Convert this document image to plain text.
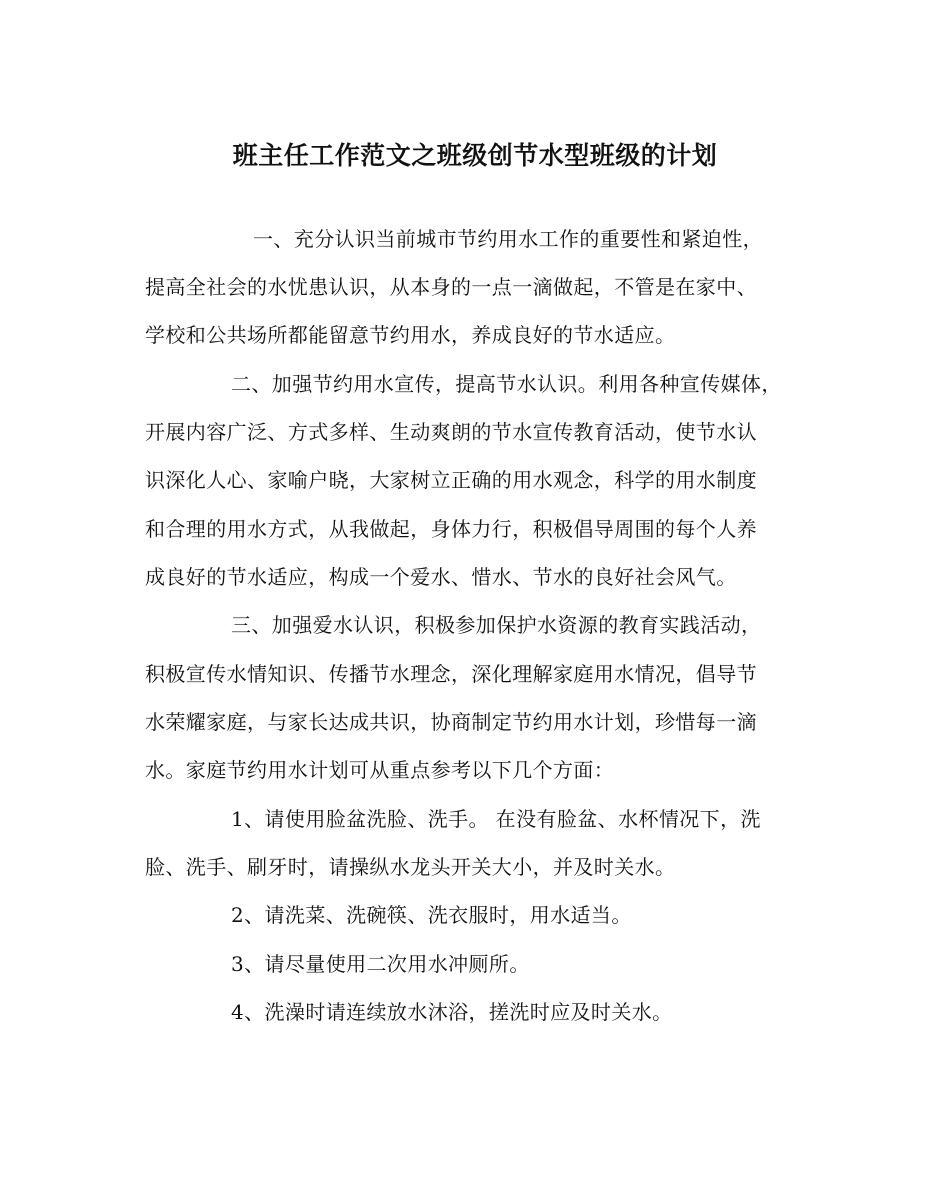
班主任工作范文之班级创节水型班级的计划
一、充分认识当前城市节约用水工作的重要性和紧迫性，
提高全社会的水忧患认识，从本身的一点一滴做起，不管是在家中、
学校和公共场所都能留意节约用水，养成良好的节水适应。
二、加强节约用水宣传，提高节水认识。利用各种宣传媒体，
开展内容广泛、方式多样、生动爽朗的节水宣传教育活动，使节水认
识深化人心、家喻户晓，大家树立正确的用水观念，科学的用水制度
和合理的用水方式，从我做起，身体力行，积极倡导周围的每个人养
成良好的节水适应，构成一个爱水、惜水、节水的良好社会风气。
三、加强爱水认识，积极参加保护水资源的教育实践活动，
积极宣传水情知识、传播节水理念，深化理解家庭用水情况，倡导节
水荣耀家庭，与家长达成共识，协商制定节约用水计划，珍惜每一滴
水。家庭节约用水计划可从重点参考以下几个方面：
1、请使用脸盆洗脸、洗手。 在没有脸盆、水杯情况下，洗
脸、洗手、刷牙时，请操纵水龙头开关大小，并及时关水。
2、请洗菜、洗碗筷、洗衣服时，用水适当。
3、请尽量使用二次用水冲厕所。
4、洗澡时请连续放水沐浴，搓洗时应及时关水。
